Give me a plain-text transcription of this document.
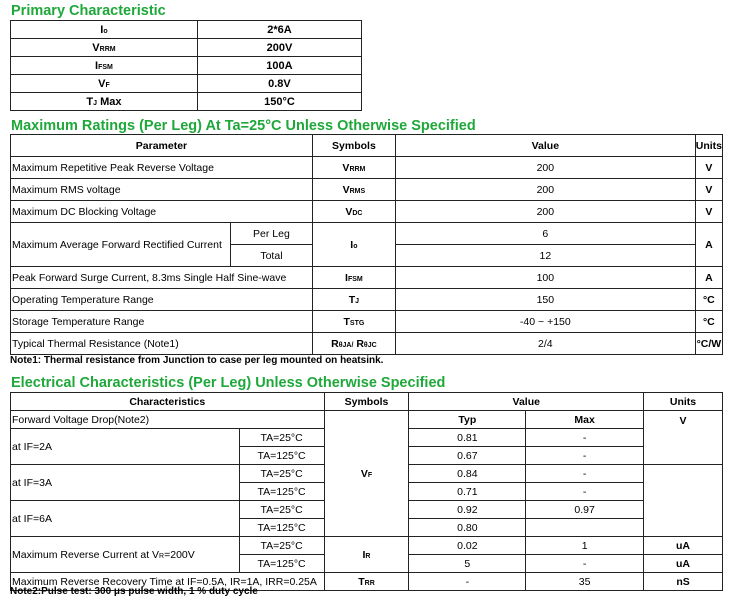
Primary Characteristic
Io	2*6A
VRRM	200V
IFSM	100A
VF	0.8V
TJ Max	150°C
Maximum Ratings (Per Leg) At Ta=25°C Unless Otherwise Specified
Parameter		Symbols	Value	Units
Maximum Repetitive Peak Reverse Voltage		VRRM	200	V
Maximum RMS voltage		VRMS	200	V
Maximum DC Blocking Voltage		VDC	200	V
Maximum Average Forward Rectified Current	Per Leg	Io	6	A
	Total		12	
Peak Forward Surge Current, 8.3ms Single Half Sine-wave		IFSM	100	A
Operating Temperature Range		TJ	150	°C
Storage Temperature Range		TSTG	-40 ~ +150	°C
Typical Thermal Resistance (Note1)		RθJA/ RθJC	2/4	°C/W
Note1: Thermal resistance from Junction to case per leg mounted on heatsink.
Electrical Characteristics (Per Leg) Unless Otherwise Specified
Characteristics		Symbols	Value		Units
Forward Voltage Drop(Note2)		VF	Typ	Max	V
at IF=2A	TA=25°C		0.81	-	
	TA=125°C		0.67	-	
at IF=3A	TA=25°C		0.84	-	
	TA=125°C		0.71	-	
at IF=6A	TA=25°C		0.92	0.97	
	TA=125°C		0.80		
Maximum Reverse Current at VR=200V	TA=25°C	IR	0.02	1	uA
	TA=125°C		5	-	uA
Maximum Reverse Recovery Time at IF=0.5A, IR=1A, IRR=0.25A		TRR	-	35	nS
Note2:Pulse test: 300 μs pulse width, 1 % duty cycle
